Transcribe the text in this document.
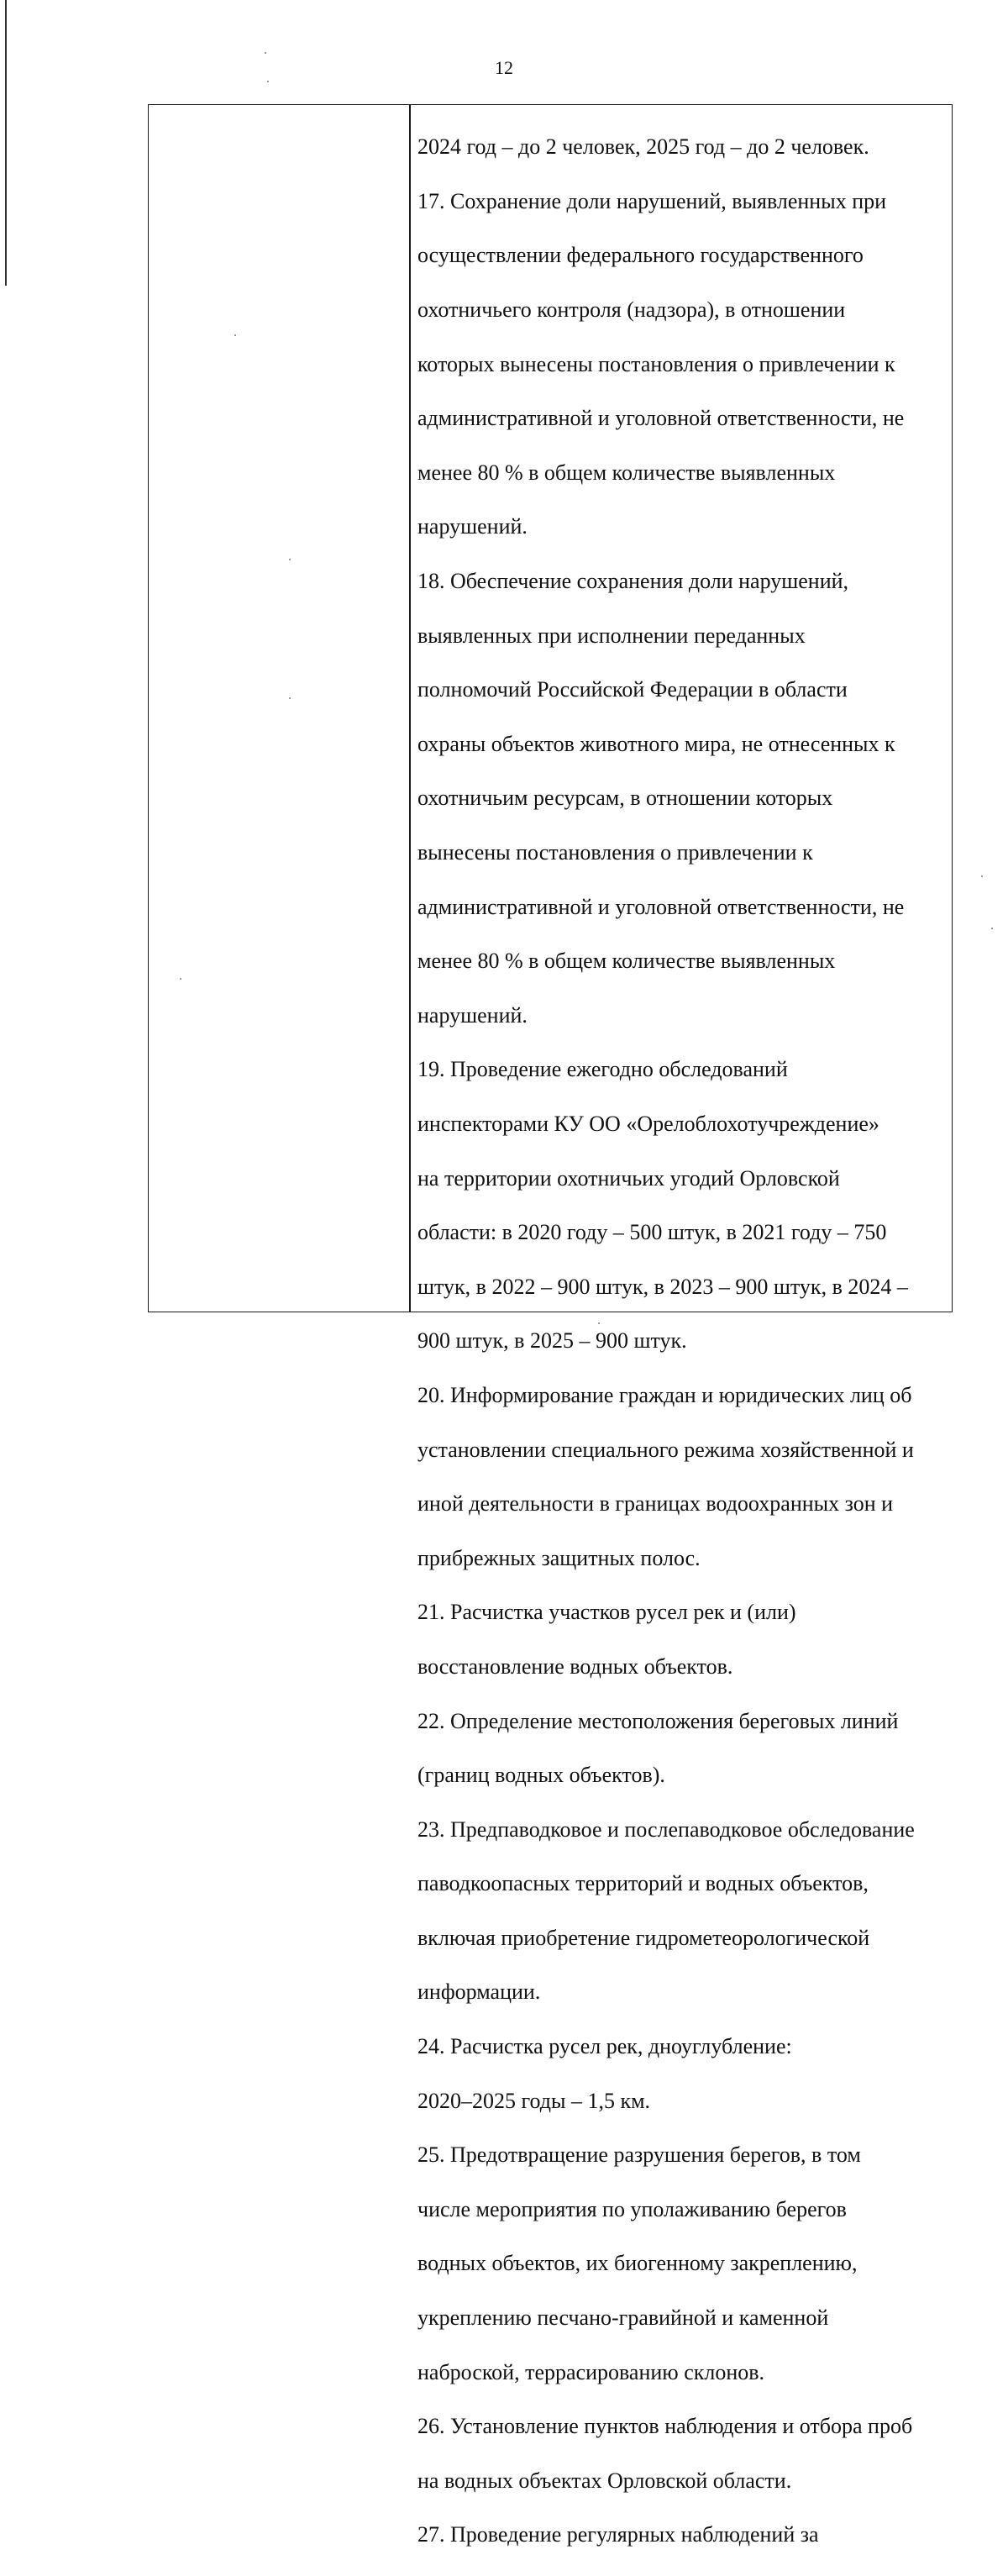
12

2024 год – до 2 человек, 2025 год – до 2 человек.

17. Сохранение доли нарушений, выявленных при

осуществлении федерального государственного

охотничьего контроля (надзора), в отношении

которых вынесены постановления о привлечении к

административной и уголовной ответственности, не

менее 80 % в общем количестве выявленных

нарушений.

18. Обеспечение сохранения доли нарушений,

выявленных при исполнении переданных

полномочий Российской Федерации в области

охраны объектов животного мира, не отнесенных к

охотничьим ресурсам, в отношении которых

вынесены постановления о привлечении к

административной и уголовной ответственности, не

менее 80 % в общем количестве выявленных

нарушений.

19. Проведение ежегодно обследований

инспекторами КУ ОО «Орелоблохотучреждение»

на территории охотничьих угодий Орловской

области: в 2020 году – 500 штук, в 2021 году – 750

штук, в 2022 – 900 штук, в 2023 – 900 штук, в 2024 –

900 штук, в 2025 – 900 штук.

20. Информирование граждан и юридических лиц об

установлении специального режима хозяйственной и

иной деятельности в границах водоохранных зон и

прибрежных защитных полос.

21. Расчистка участков русел рек и (или)

восстановление водных объектов.

22. Определение местоположения береговых линий

(границ водных объектов).

23. Предпаводковое и послепаводковое обследование

паводкоопасных территорий и водных объектов,

включая приобретение гидрометеорологической

информации.

24. Расчистка русел рек, дноуглубление:

2020–2025 годы – 1,5 км.

25. Предотвращение разрушения берегов, в том

числе мероприятия по уполаживанию берегов

водных объектов, их биогенному закреплению,

укреплению песчано-гравийной и каменной

наброской, террасированию склонов.

26. Установление пунктов наблюдения и отбора проб

на водных объектах Орловской области.

27. Проведение регулярных наблюдений за
